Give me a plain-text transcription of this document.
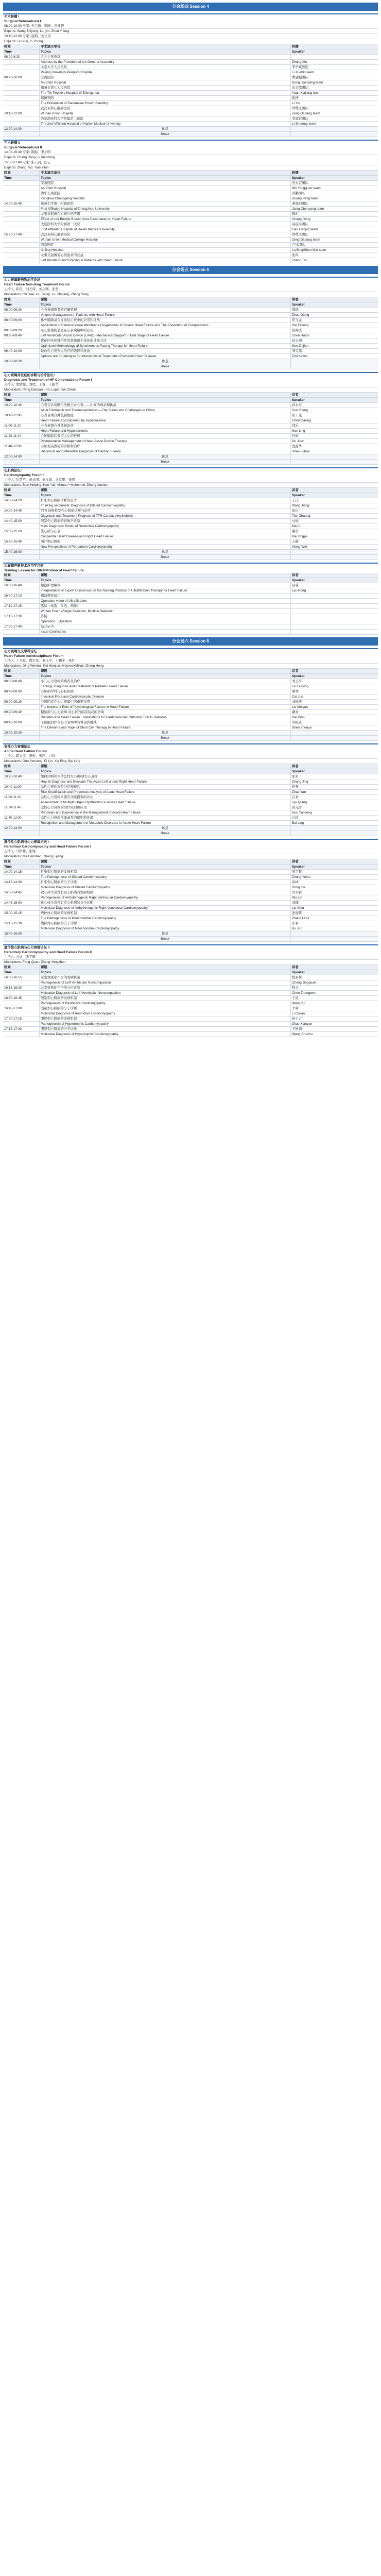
分会场四 Session 4
手术转播 I
Surgical Rebroadcast I
08:20-10:00 专家: 王启德、韩晓、应建晓
Experts: Wang Zhiyong, Liu yin, Zhou Yifeng
10:10-12:00 专家: 赵钢、刘长伟
Experts: Liu Yun, Yi Zhong
时间	手术演示单位	转播
Time	Topics	Speaker
08:00-8:20	大会主席致辞
Address by the President of the General Assembly	Zhang Xin
北京大学人民医院	李学斌医院
Peking University People's Hospital	Li Xuebin team
08:20-10:00	安贞医院	曹建强团队
An Zhen Hospital	Dong Jianqiang team
郑州市第七人民医院	袁文霞团队
The 7th People's Hospital of Zhengzhou	Yuan Xiajiang team
起搏预防	起搏
The Prevention of Pacemaker Pouch Bleeding	Li Yin
武汉亚洲心脏病医院	曾秋江团队
10:10-12:00	Wuhan Union Hospital	Zeng Qiutang team
哈尔滨医科大学附属第二医院	李淑影团队
The 2nd Affiliated Hospital of Harbin Medical University	Li Shufeng team
12:00-14:00	休息
Break
手术转播 II
Surgical Rebroadcast II
14:00-15:40 专家: 陈聪、李小明
Experts: Chang Dong, Li Xiaoming
15:50-17:40 专家: 张天羽、田云
Experts: Zhang Tao, Tian Yilun
时间	手术演示单位	转播
Time	Topics	Speaker
安贞医院	吴永宏团队
An Zhen Hospital	Wu Yongquan team
清华长庚医院	黄鹏团队
Tsinghua Changgeng Hospital	Huang Peng team
14:00-15:40	郑州大学第一附属医院	姜晨阳团队
First Affiliated Hospital of Zhengzhou University	Jiang Chenyang team
左束支起搏在心衰中的应用	陈东
Effect of Left Bundle Branch Area Pacemaker on Heart Failure	Chang Dong
大连医科大学附属第一医院	高连军团队
First Affiliated Hospital of Dalian Medical University	Gao Lianjun team
15:50-17:40	武汉亚洲心脏病医院	曾秋江团队
Wuhan Union Medical College Hospital	Zeng Qiutang team
西京医院	卢冰团队
Xi Jing Hospital	Lu Bing/Shen Min team
左束支起搏对心衰患者的获益	张涛
Left Bundle Branch Pacing in Patients with Heart Failure	Zhang Tao
分会场五 Session 5
心力衰竭新药物治疗论坛
Heart Failure Non-drug Treatment Forum
主持人: 崔伟、刘天琦、刘志刚、张勇
Moderators: Cui Wei, Liu Tianqi, Liu Zhigang, Zheng Yang
时间	课题	讲者
Time	Topics	Speaker
08:00-08:20	心力衰竭患者的容量管理	周琼
Volume Management in Patients with Heart Failure	Zhou Qiong
08:40-09:00	体外膜肺氧合在重症心衰中的应用和挑战	贺飞龙
Application of Extracorporeal Membrane Oxygenation In Severe Heart Failure and The Prevention of Complications	Hei Feilong
09:00-09:20	左心室辅助装置在心衰晚期中的应用	陈海波
09:20-09:40	Left Ventricular Assist Device (LVAD)--Mechanical Support In End Stage of Heart Failure	Chen Haibo
优化同步起搏治疗的策略和个体化的选择方法	孙志刚
Optimized Methodology of Synchronous Pacing Therapy for Heart Failure	Sun Zhijian
09:40-10:00	缺血性心衰介入治疗的选择和挑战	邹克伟
Options and Challenges for Interventional Treatment of Ischemic Heart Disease	Zou Kewei
10:00-10:20	休息
Break
心力衰竭并发症的诊断与治疗论坛 I
Diagnosis and Treatment of HF Complications Forum I
主持人: 裴清源、刘欣、王俊、王振华
Moderators: Peng Daoquan, Hu Liqun, Wu Zhenli
时间	课题	讲者
Time	Topics	Speaker
10:20-10:40	心衰合并房颤与房颤合并心衰——中间的现状和挑战	孙永红
Atrial Fibrillation and Thromboembolism—The Status and Challenges in China	Sun Yifeng
10:40-11:00	心力衰竭合并低钠血症	陈干龙
Heart Failure Accompanied by Hyperkalemia	Chen Gailing
11:00-11:20	心力衰竭合并低钠血症	韩乐
Heart Failure and Hyponatremia	Han Ling
11:20-11:40	心脏辅助装置植入后的护理	杜娟
Postoperative Management of Heart Assist Device Therapy	Du Juan
11:40-12:00	心脏相关血栓的诊断和治疗	沈露华
Diagnosis and Differential Diagnosis of Cardiac Edema	Shen Luhua
12:00-14:00	休息
Break
心肌病论坛 I
Cardiomyopathy Forum I
主持人: 边慧苹、黄永明、刘文娟、马克里、张明
Moderators: Bian Huiping, Hao Yali, Alliman • Mahemuti, Zhang Xuelian
时间	课题	讲者
Time	Topics	Speaker
14:00-14:20	扩张型心肌病诊断的思考	王江
Thinking on Genetic Diagnosis of Dilated Cardiomyopathy	Wang Jiang
14:20-14:40	TTR 淀粉样变性心肌病诊断与治疗	田庄
Diagnosis and Treatment Progress of TTR Cardiac Amyloidosis	Tian Zhuang
14:40-15:00	限制性心肌病的影像学诊断	马丽
Main Diagnostic Points of Restrictive Cardiomyopathy	Ma Li
15:00-15:20	先心病与心衰	谢勇
Congenital Heart Disease and Right Heart Failure	Xie Yingjie
15:20-15:40	围产期心肌病	王薇
New Perspectives of Peripartum Cardiomyopathy	Wang Wei
15:40-16:00	休息
Break
心衰超声新技术应用学习班
Training Lesson for Ultrafiltration of Heart Failure
时间	课题	讲者
Time	Topics	Speaker
16:00-16:40	超滤护理解读	吕蓉
Interpretation of Expert Consensus on the Nursing Practice of Ultrafiltration Therapy for Heart Failure	Lyu Rong
16:40-17:10	超滤操作演示
Operation video of Ultrafiltration
17:10-17:15	笔试（单选、多选、判断）
Written Exam (Single Selection, Multiple Selection,
17:15-17:30	答疑
Operation、Question
17:30-17:40	结业证书
Issue Certificates
分会场六 Session 6
心力衰竭交叉学科论坛
Heart Failure Interdisciplinary Forum
主持人: 丁文惠、贾宏年、刘玉平、王鹏宇、张红
Moderators: Ding Wenhui, Pei Hainjun, Moyesai•Mijiati, Zhang Hong
时间	课题	讲者
Time	Topics	Speaker
08:00-08:40	小儿心力衰竭的病因及治疗	刘玉平
Etiology, Diagnosis and Treatment of Pediatric Heart Failure	Liu Guiying
08:40-09:00	心脏病学科与心脏疾病	蔡琴
Intestinal Flora and Cardiovascular Disease	Cai Jun
09:00-09:20	心理因素在心力衰竭中的重要作用	刘梅燕
The Important Role of Psychological Factors in Heart Failure	Liu Meiyan
09:20-09:40	糖尿病与心力衰竭 对心衰的临床结局的影响	戴青
Diabetes and Heart Failure : Implications for Cardiovascular Outcome Trial In Diabetes	Dai Ding
09:40-10:00	干细胞治疗在心力衰竭中的希望和挑战	申振亚
The Dilemma and Hope of Stem Cell Therapy in Heart Failure	Shen Zhenya
10:00-10:20	休息
Break
急性心力衰竭论坛
Acute Heart Failure Forum
主持人: 郭元彦、李俊、张萍、白玲
Moderators: Guo Yansong, Pi Lin, Xie Ping, Bai Ling
时间	课题	讲者
Time	Topics	Speaker
10:20-10:40	如何诊断和评估急性左心和/或右心衰竭	张京
How to Diagnose and Evaluate The Acute Left and/or Right Heart Failure	Zhang Jing
10:40-11:00	急性心衰的危险分层和预后	赵曼
Risk Stratification and Prognostic Analysis of Acute Heart Failure	Zhao Yan
11:00-11:20	急性心力衰竭多器官功能损害的评估	吕青
Assessment of Multiple Organ Dysfunction In Acute Heart Failure	Lyu Qiang
11:20-11:40	急性心力衰竭的治疗原则和应用	郭元彦
Principles and Experience in the Management of Acute Heart Failure	Guo Yansong
11:40-12:00	急性心力衰竭代谢紊乱的识别和处理	白玲
Recognition and Management of Metabolic Disorders In Acute Heart Failure	Bai Ling
12:00-14:00	休息
Break
遗传性心肌病与心力衰竭论坛 I
Hereditary Cardiomyopathy and Heart Failure Forum I
主持人: 马格林、张瑾
Moderators: Ma Genshan, Zhang Lijiang
时间	课题	讲者
Time	Topics	Speaker
14:00-14:15	扩张型心肌病的发病机制	张宇辉
The Pathogenesis of Dilated Cardiomyopathy	Zhang Yuhui
14:15-14:30	扩张型心肌病的分子诊断	洪坤
Molecular Diagnosis of Dilated Cardiomyopathy	Hong Kui
14:30-14:45	致心律失常性右室心肌病的发病机制	吴立新
Pathogenesis of Arrhythmogenic Right Ventricular Cardiomyopathy	Wu Lin
14:45-15:00	致心律失常性右室心肌病的分子诊断	刘楠
Molecular Diagnosis of Arrhythmogenic Right Ventricular Cardiomyopathy	Liu Nian
15:00-15:15	线粒体心肌病的发病机制	张丽晖
The Pathogenesis of Mitochondrial Cardiomyopathy	Zhang Lihui
15:15-15:30	线粒体心肌病的分子诊断	布君
Molecular Diagnosis of Mitochondrial Cardiomyopathy	Bu Jun
15:40-16:00	休息
Break
遗传性心肌病与心力衰竭论坛 II
Hereditary Cardiomyopathy and Heart Failure Forum II
主持人: 方泉、张宇辉
Moderators: Fang Quan, Zheng Yongzhen
时间	课题	讲者
Time	Topics	Speaker
16:00-16:15	左室致密化不全的发病机制	程景林
Pathogenesis of Left Ventricular Noncompaction	Cheng Jingquan
16:15-16:30	左室致密化不全的分子诊断	程文
Molecular Diagnosis of Left Ventricular Noncompaction	Chen Zhengwen
16:30-16:45	限制型心肌病的发病机制	王波
Pathogenesis of Restrictive Cardiomyopathy	Wang Bo
16:45-17:00	限制型心肌病的分子诊断	李琳
Molecular Diagnosis of Restrictive Cardiomyopathy	Li Culian
17:00-17:15	肥厚型心肌病的发病机制	赵小言
Pathogenesis of Hypertrophic Cardiomyopathy	Zhao Xiaoyan
17:15-17:30	肥厚型心肌病的分子诊断	王秋初
Molecular Diagnosis of Hypertrophic Cardiomyopathy	Wang Chuchu
